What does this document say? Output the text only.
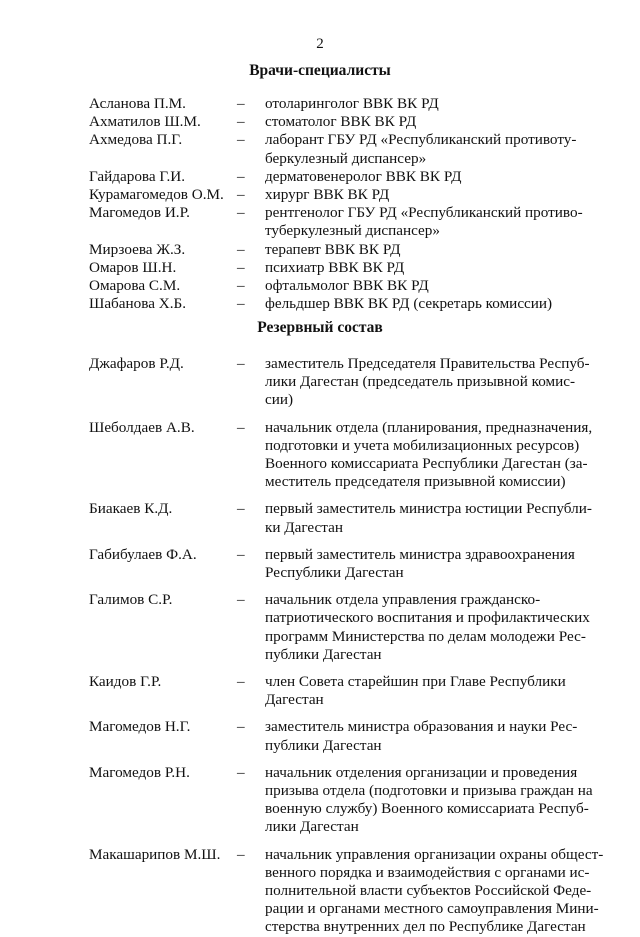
2
Врачи-специалисты
Асланова П.М.	–	отоларинголог ВВК ВК РД
Ахматилов Ш.М.	–	стоматолог ВВК ВК РД
Ахмедова П.Г.	–	лаборант ГБУ РД «Республиканский противоту-
беркулезный диспансер»
Гайдарова Г.И.	–	дерматовенеролог ВВК ВК РД
Курамагомедов О.М. –	хирург ВВК ВК РД
Магомедов И.Р.	–	рентгенолог ГБУ РД «Республиканский противо-
туберкулезный диспансер»
Мирзоева Ж.З.	–	терапевт ВВК ВК РД
Омаров Ш.Н.	–	психиатр ВВК ВК РД
Омарова С.М.	–	офтальмолог ВВК ВК РД
Шабанова Х.Б.	–	фельдшер ВВК ВК РД (секретарь комиссии)
Резервный состав
Джафаров Р.Д.	–	заместитель Председателя Правительства Респуб-
лики Дагестан (председатель призывной комис-
сии)
Шеболдаев А.В.	–	начальник отдела (планирования, предназначения,
подготовки и учета мобилизационных ресурсов)
Военного комиссариата Республики Дагестан (за-
меститель председателя призывной комиссии)
Биакаев К.Д.	–	первый заместитель министра юстиции Республи-
ки Дагестан
Габибулаев Ф.А.	–	первый заместитель министра здравоохранения
Республики Дагестан
Галимов С.Р.	–	начальник отдела управления гражданско-
патриотического воспитания и профилактических
программ Министерства по делам молодежи Рес-
публики Дагестан
Каидов Г.Р.	–	член Совета старейшин при Главе Республики
Дагестан
Магомедов Н.Г.	–	заместитель министра образования и науки Рес-
публики Дагестан
Магомедов Р.Н.	–	начальник отделения организации и проведения
призыва отдела (подготовки и призыва граждан на
военную службу) Военного комиссариата Респуб-
лики Дагестан
Макашарипов М.Ш.	–	начальник управления организации охраны общест-
венного порядка и взаимодействия с органами ис-
полнительной власти субъектов Российской Феде-
рации и органами местного самоуправления Мини-
стерства внутренних дел по Республике Дагестан
